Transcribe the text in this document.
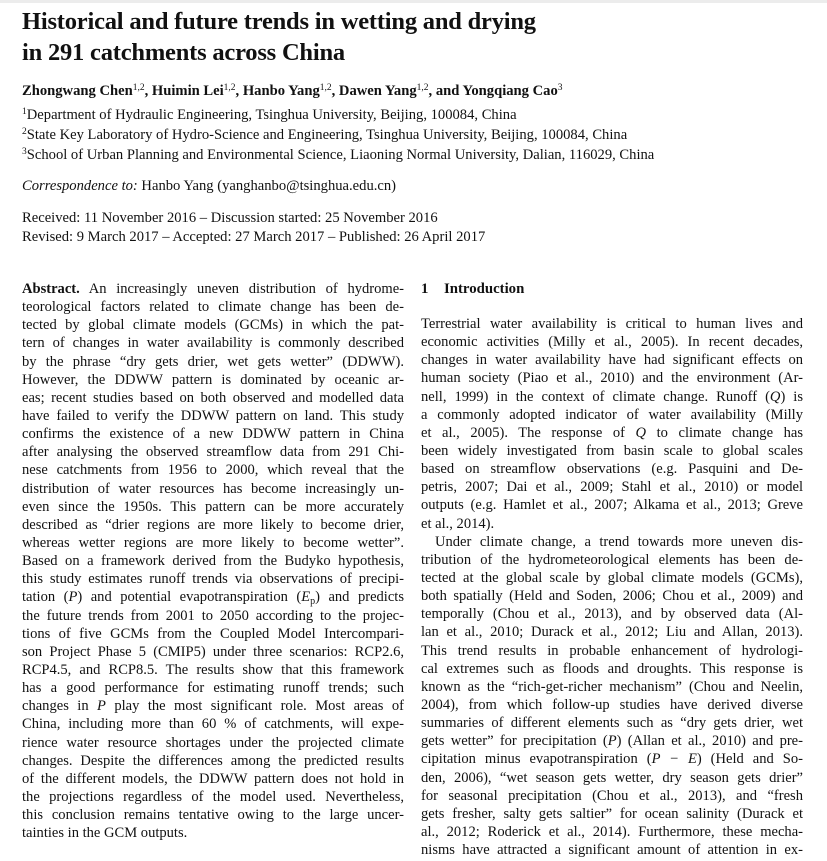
Historical and future trends in wetting and drying
in 291 catchments across China
Zhongwang Chen$^{1,2}$, Huimin Lei$^{1,2}$, Hanbo Yang$^{1,2}$, Dawen Yang$^{1,2}$, and Yongqiang Cao$^3$
$^1$Department of Hydraulic Engineering, Tsinghua University, Beijing, 100084, China
$^2$State Key Laboratory of Hydro-Science and Engineering, Tsinghua University, Beijing, 100084, China
$^3$School of Urban Planning and Environmental Science, Liaoning Normal University, Dalian, 116029, China
Correspondence to: Hanbo Yang (yanghanbo@tsinghua.edu.cn)
Received: 11 November 2016 – Discussion started: 25 November 2016
Revised: 9 March 2017 – Accepted: 27 March 2017 – Published: 26 April 2017
Abstract. An increasingly uneven distribution of hydrome-
teorological factors related to climate change has been de-
tected by global climate models (GCMs) in which the pat-
tern of changes in water availability is commonly described
by the phrase “dry gets drier, wet gets wetter” (DDWW).
However, the DDWW pattern is dominated by oceanic ar-
eas; recent studies based on both observed and modelled data
have failed to verify the DDWW pattern on land. This study
confirms the existence of a new DDWW pattern in China
after analysing the observed streamflow data from 291 Chi-
nese catchments from 1956 to 2000, which reveal that the
distribution of water resources has become increasingly un-
even since the 1950s. This pattern can be more accurately
described as “drier regions are more likely to become drier,
whereas wetter regions are more likely to become wetter”.
Based on a framework derived from the Budyko hypothesis,
this study estimates runoff trends via observations of precipi-
tation (P) and potential evapotranspiration $(E_p)$ and predicts
the future trends from 2001 to 2050 according to the projec-
tions of five GCMs from the Coupled Model Intercompari-
son Project Phase 5 (CMIP5) under three scenarios: RCP2.6,
RCP4.5, and RCP8.5. The results show that this framework
has a good performance for estimating runoff trends; such
changes in P play the most significant role. Most areas of
China, including more than 60 % of catchments, will expe-
rience water resource shortages under the projected climate
changes. Despite the differences among the predicted results
of the different models, the DDWW pattern does not hold in
the projections regardless of the model used. Nevertheless,
this conclusion remains tentative owing to the large uncer-
tainties in the GCM outputs.
1 Introduction
Terrestrial water availability is critical to human lives and
economic activities (Milly et al., 2005). In recent decades,
changes in water availability have had significant effects on
human society (Piao et al., 2010) and the environment (Ar-
nell, 1999) in the context of climate change. Runoff (Q) is
a commonly adopted indicator of water availability (Milly
et al., 2005). The response of Q to climate change has
been widely investigated from basin scale to global scales
based on streamflow observations (e.g. Pasquini and De-
petris, 2007; Dai et al., 2009; Stahl et al., 2010) or model
outputs (e.g. Hamlet et al., 2007; Alkama et al., 2013; Greve
et al., 2014).
Under climate change, a trend towards more uneven dis-
tribution of the hydrometeorological elements has been de-
tected at the global scale by global climate models (GCMs),
both spatially (Held and Soden, 2006; Chou et al., 2009) and
temporally (Chou et al., 2013), and by observed data (Al-
lan et al., 2010; Durack et al., 2012; Liu and Allan, 2013).
This trend results in probable enhancement of hydrologi-
cal extremes such as floods and droughts. This response is
known as the “rich-get-richer mechanism” (Chou and Neelin,
2004), from which follow-up studies have derived diverse
summaries of different elements such as “dry gets drier, wet
gets wetter” for precipitation (P) (Allan et al., 2010) and pre-
cipitation minus evapotranspiration (P − E) (Held and So-
den, 2006), “wet season gets wetter, dry season gets drier”
for seasonal precipitation (Chou et al., 2013), and “fresh
gets fresher, salty gets saltier” for ocean salinity (Durack et
al., 2012; Roderick et al., 2014). Furthermore, these mecha-
nisms have attracted a significant amount of attention in ex-
